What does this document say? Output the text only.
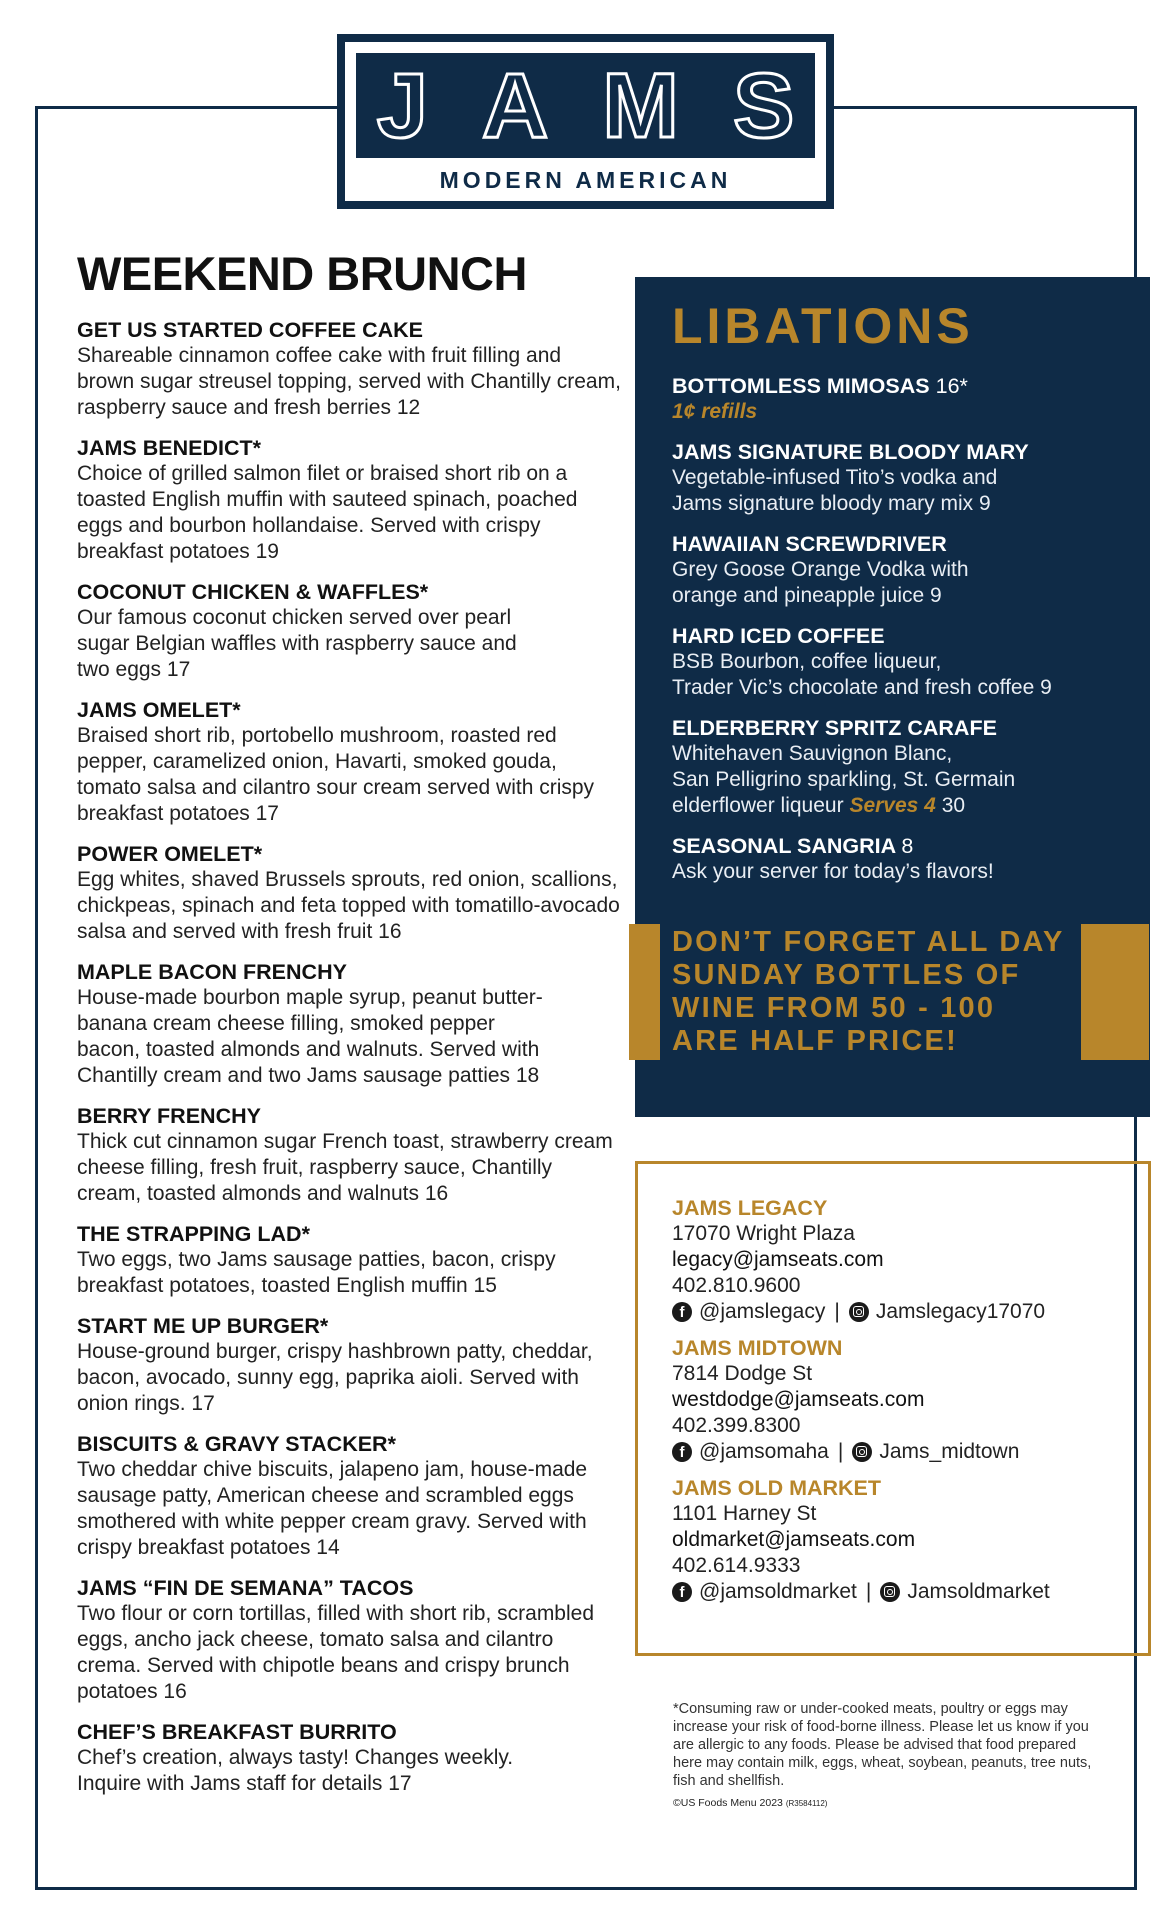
JAMS
MODERN AMERICAN
WEEKEND BRUNCH
GET US STARTED COFFEE CAKE
Shareable cinnamon coffee cake with fruit filling and brown sugar streusel topping, served with Chantilly cream, raspberry sauce and fresh berries 12
JAMS BENEDICT*
Choice of grilled salmon filet or braised short rib on a toasted English muffin with sauteed spinach, poached eggs and bourbon hollandaise. Served with crispy breakfast potatoes 19
COCONUT CHICKEN & WAFFLES*
Our famous coconut chicken served over pearl sugar Belgian waffles with raspberry sauce and two eggs 17
JAMS OMELET*
Braised short rib, portobello mushroom, roasted red pepper, caramelized onion, Havarti, smoked gouda, tomato salsa and cilantro sour cream served with crispy breakfast potatoes 17
POWER OMELET*
Egg whites, shaved Brussels sprouts, red onion, scallions, chickpeas, spinach and feta topped with tomatillo-avocado salsa and served with fresh fruit 16
MAPLE BACON FRENCHY
House-made bourbon maple syrup, peanut butter-banana cream cheese filling, smoked pepper bacon, toasted almonds and walnuts. Served with Chantilly cream and two Jams sausage patties 18
BERRY FRENCHY
Thick cut cinnamon sugar French toast, strawberry cream cheese filling, fresh fruit, raspberry sauce, Chantilly cream, toasted almonds and walnuts 16
THE STRAPPING LAD*
Two eggs, two Jams sausage patties, bacon, crispy breakfast potatoes, toasted English muffin 15
START ME UP BURGER*
House-ground burger, crispy hashbrown patty, cheddar, bacon, avocado, sunny egg, paprika aioli. Served with onion rings. 17
BISCUITS & GRAVY STACKER*
Two cheddar chive biscuits, jalapeno jam, house-made sausage patty, American cheese and scrambled eggs smothered with white pepper cream gravy. Served with crispy breakfast potatoes 14
JAMS “FIN DE SEMANA” TACOS
Two flour or corn tortillas, filled with short rib, scrambled eggs, ancho jack cheese, tomato salsa and cilantro crema. Served with chipotle beans and crispy brunch potatoes 16
CHEF’S BREAKFAST BURRITO
Chef’s creation, always tasty! Changes weekly. Inquire with Jams staff for details 17
LIBATIONS
BOTTOMLESS MIMOSAS 16*
1¢ refills
JAMS SIGNATURE BLOODY MARY
Vegetable-infused Tito’s vodka and
Jams signature bloody mary mix 9
HAWAIIAN SCREWDRIVER
Grey Goose Orange Vodka with
orange and pineapple juice 9
HARD ICED COFFEE
BSB Bourbon, coffee liqueur,
Trader Vic’s chocolate and fresh coffee 9
ELDERBERRY SPRITZ CARAFE
Whitehaven Sauvignon Blanc,
San Pelligrino sparkling, St. Germain
elderflower liqueur Serves 4 30
SEASONAL SANGRIA 8
Ask your server for today’s flavors!
DON’T FORGET ALL DAY
SUNDAY BOTTLES OF
WINE FROM 50 - 100
ARE HALF PRICE!
JAMS LEGACY
17070 Wright Plaza
legacy@jamseats.com
402.810.9600
f @jamslegacy | Jamslegacy17070
JAMS MIDTOWN
7814 Dodge St
westdodge@jamseats.com
402.399.8300
f @jamsomaha | Jams_midtown
JAMS OLD MARKET
1101 Harney St
oldmarket@jamseats.com
402.614.9333
f @jamsoldmarket | Jamsoldmarket
*Consuming raw or under-cooked meats, poultry or eggs may increase your risk of food-borne illness. Please let us know if you are allergic to any foods. Please be advised that food prepared here may contain milk, eggs, wheat, soybean, peanuts, tree nuts, fish and shellfish.
©US Foods Menu 2023 (R3584112)
